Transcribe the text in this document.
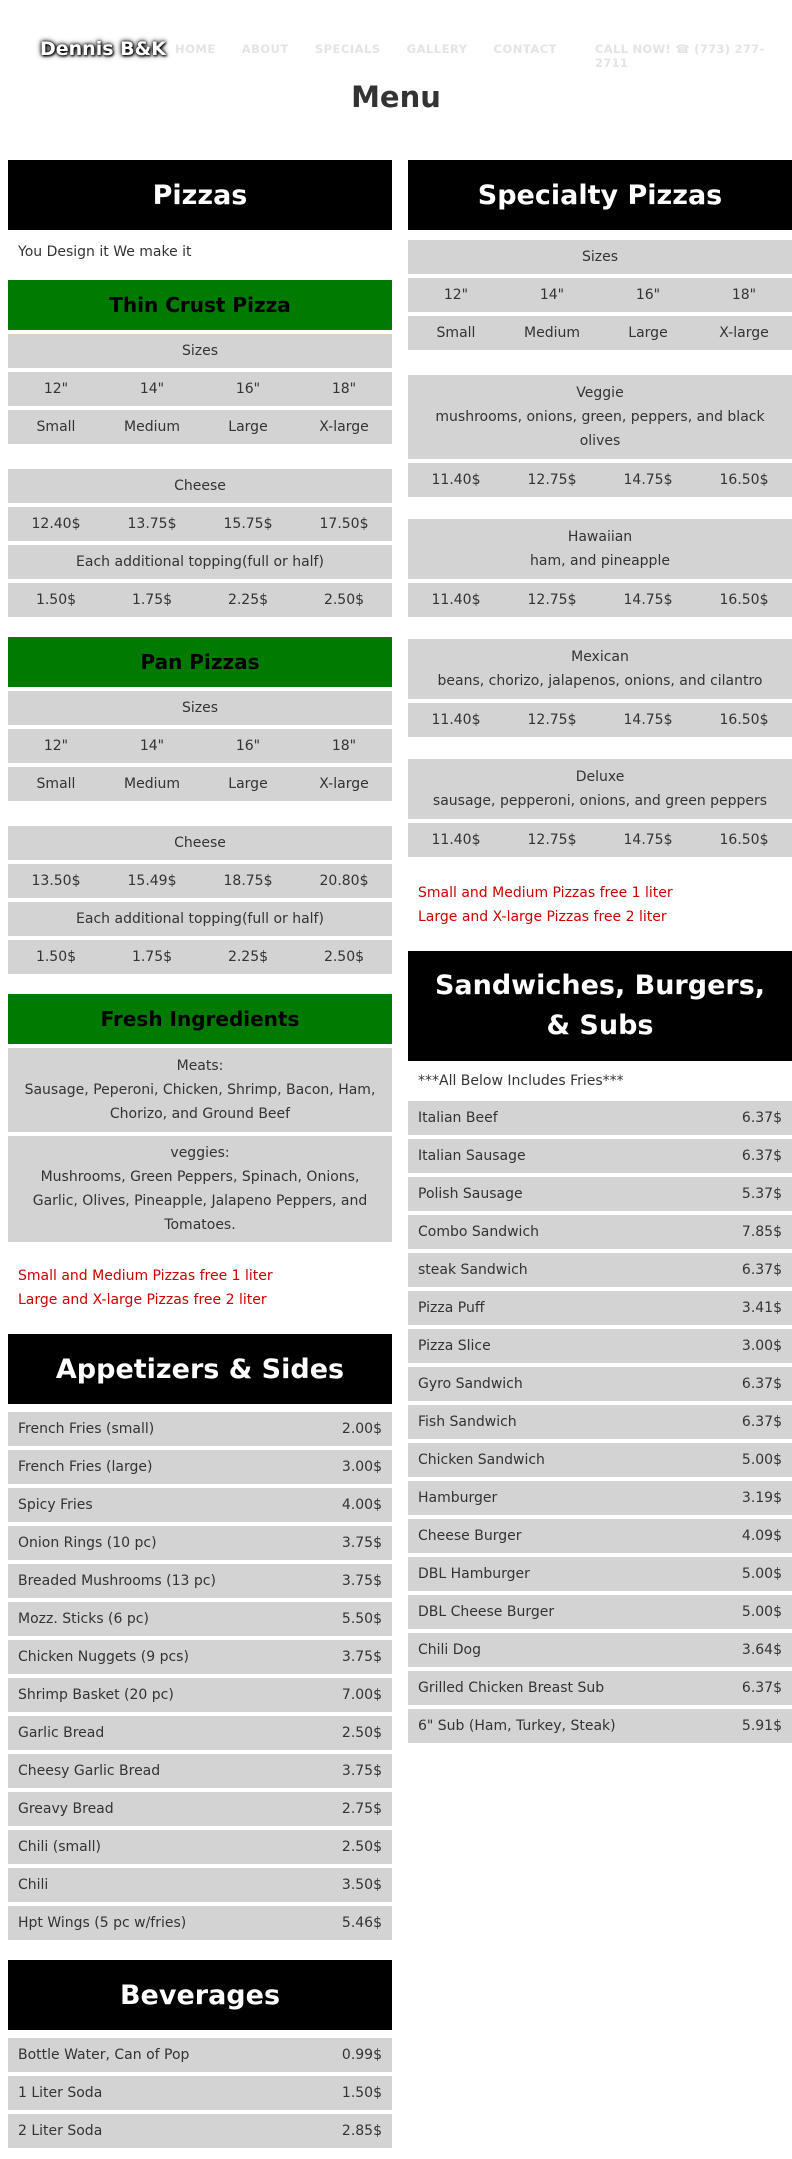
Dennis B&K HOME ABOUT SPECIALS GALLERY CONTACT	CALL NOW! ☎ (773) 277-2711
Menu
Pizzas
You Design it We make it
Thin Crust Pizza
Sizes
12"	14"	16"	18"
Small	Medium	Large	X-large
Cheese
12.40$	13.75$	15.75$	17.50$
Each additional topping(full or half)
1.50$	1.75$	2.25$	2.50$
Pan Pizzas
Sizes
12"	14"	16"	18"
Small	Medium	Large	X-large
Cheese
13.50$	15.49$	18.75$	20.80$
Each additional topping(full or half)
1.50$	1.75$	2.25$	2.50$
Fresh Ingredients
Meats:
Sausage, Peperoni, Chicken, Shrimp, Bacon, Ham, Chorizo, and Ground Beef
veggies:
Mushrooms, Green Peppers, Spinach, Onions, Garlic, Olives, Pineapple, Jalapeno Peppers, and Tomatoes.
Small and Medium Pizzas free 1 liter
Large and X-large Pizzas free 2 liter
Appetizers & Sides
French Fries (small)	2.00$
French Fries (large)	3.00$
Spicy Fries	4.00$
Onion Rings (10 pc)	3.75$
Breaded Mushrooms (13 pc)	3.75$
Mozz. Sticks (6 pc)	5.50$
Chicken Nuggets (9 pcs)	3.75$
Shrimp Basket (20 pc)	7.00$
Garlic Bread	2.50$
Cheesy Garlic Bread	3.75$
Greavy Bread	2.75$
Chili (small)	2.50$
Chili	3.50$
Hpt Wings (5 pc w/fries)	5.46$
Beverages
Bottle Water, Can of Pop	0.99$
1 Liter Soda	1.50$
2 Liter Soda	2.85$
Specialty Pizzas
Sizes
12"	14"	16"	18"
Small	Medium	Large	X-large
Veggie
mushrooms, onions, green, peppers, and black olives
11.40$	12.75$	14.75$	16.50$
Hawaiian
ham, and pineapple
11.40$	12.75$	14.75$	16.50$
Mexican
beans, chorizo, jalapenos, onions, and cilantro
11.40$	12.75$	14.75$	16.50$
Deluxe
sausage, pepperoni, onions, and green peppers
11.40$	12.75$	14.75$	16.50$
Small and Medium Pizzas free 1 liter
Large and X-large Pizzas free 2 liter
Sandwiches, Burgers, & Subs
***All Below Includes Fries***
Italian Beef	6.37$
Italian Sausage	6.37$
Polish Sausage	5.37$
Combo Sandwich	7.85$
steak Sandwich	6.37$
Pizza Puff	3.41$
Pizza Slice	3.00$
Gyro Sandwich	6.37$
Fish Sandwich	6.37$
Chicken Sandwich	5.00$
Hamburger	3.19$
Cheese Burger	4.09$
DBL Hamburger	5.00$
DBL Cheese Burger	5.00$
Chili Dog	3.64$
Grilled Chicken Breast Sub	6.37$
6" Sub (Ham, Turkey, Steak)	5.91$
